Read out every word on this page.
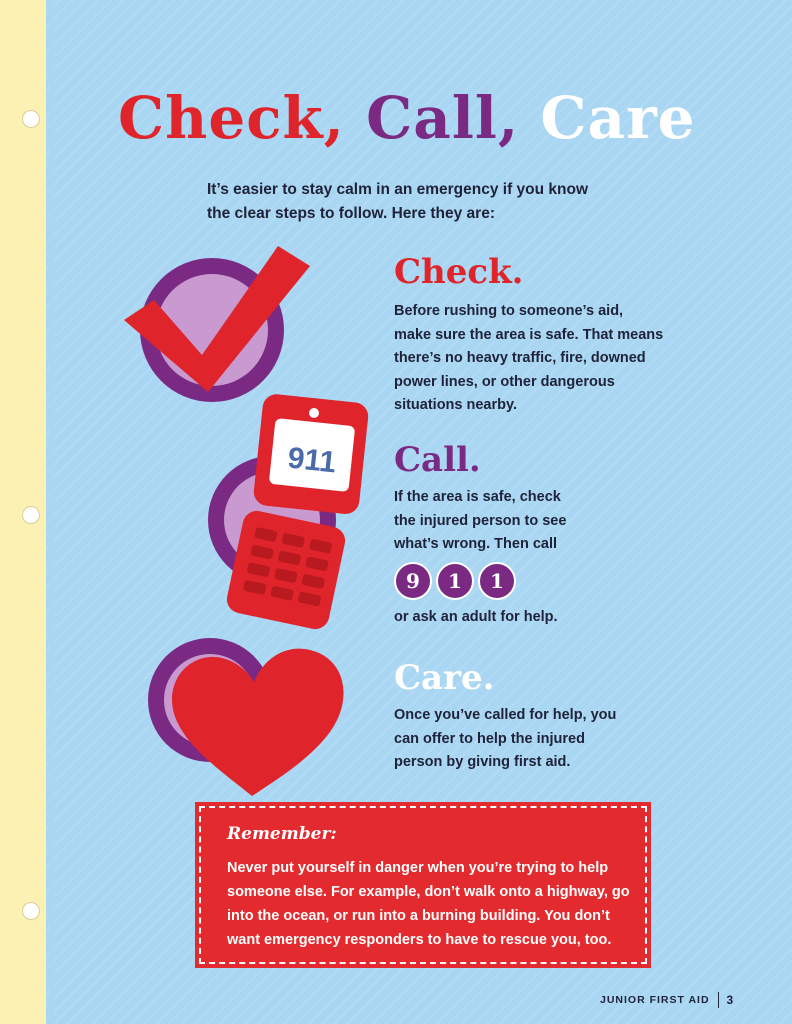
Check, Call, Care
It’s easier to stay calm in an emergency if you know the clear steps to follow. Here they are:
911
Check.
Before rushing to someone’s aid, make sure the area is safe. That means there’s no heavy traffic, fire, downed power lines, or other dangerous situations nearby.
Call.
If the area is safe, check the injured person to see what’s wrong. Then call
9	1	1
or ask an adult for help.
Care.
Once you’ve called for help, you can offer to help the injured person by giving first aid.
Remember:
Never put yourself in danger when you’re trying to help someone else. For example, don’t walk onto a highway, go into the ocean, or run into a burning building. You don’t want emergency responders to have to rescue you, too.
JUNIOR FIRST AID 3
